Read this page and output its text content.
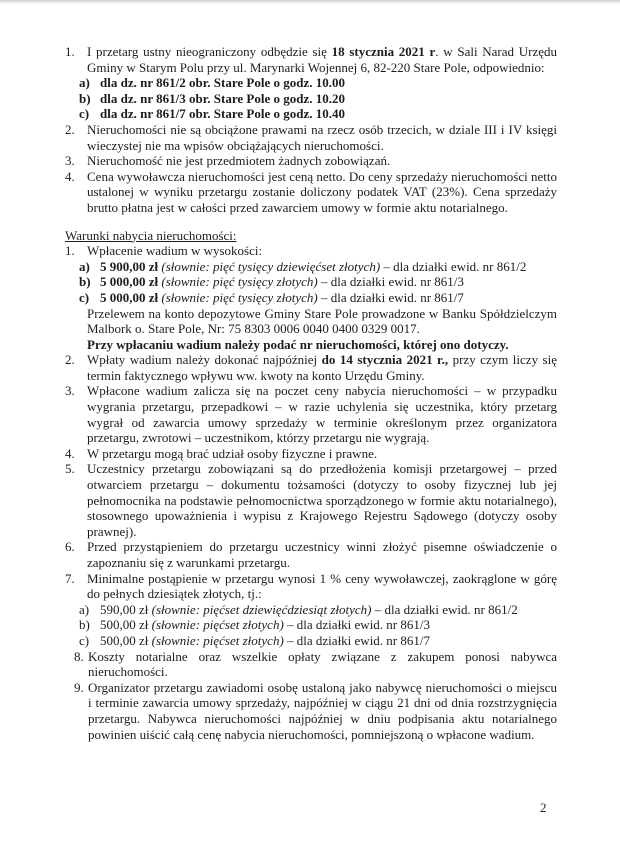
1. I przetarg ustny nieograniczony odbędzie się 18 stycznia 2021 r. w Sali Narad Urzędu Gminy w Starym Polu przy ul. Marynarki Wojennej 6, 82-220 Stare Pole, odpowiednio:
a) dla dz. nr 861/2 obr. Stare Pole o godz. 10.00
b) dla dz. nr 861/3 obr. Stare Pole o godz. 10.20
c) dla dz. nr 861/7 obr. Stare Pole o godz. 10.40
2. Nieruchomości nie są obciążone prawami na rzecz osób trzecich, w dziale III i IV księgi wieczystej nie ma wpisów obciążających nieruchomości.
3. Nieruchomość nie jest przedmiotem żadnych zobowiązań.
4. Cena wywoławcza nieruchomości jest ceną netto. Do ceny sprzedaży nieruchomości netto ustalonej w wyniku przetargu zostanie doliczony podatek VAT (23%). Cena sprzedaży brutto płatna jest w całości przed zawarciem umowy w formie aktu notarialnego.
Warunki nabycia nieruchomości:
1. Wpłacenie wadium w wysokości:
a) 5 900,00 zł (słownie: pięć tysięcy dziewięćset złotych) – dla działki ewid. nr 861/2
b) 5 000,00 zł (słownie: pięć tysięcy złotych) – dla działki ewid. nr 861/3
c) 5 000,00 zł (słownie: pięć tysięcy złotych) – dla działki ewid. nr 861/7
Przelewem na konto depozytowe Gminy Stare Pole prowadzone w Banku Spółdzielczym Malbork o. Stare Pole, Nr: 75 8303 0006 0040 0400 0329 0017.
Przy wpłacaniu wadium należy podać nr nieruchomości, której ono dotyczy.
2. Wpłaty wadium należy dokonać najpóźniej do 14 stycznia 2021 r., przy czym liczy się termin faktycznego wpływu ww. kwoty na konto Urzędu Gminy.
3. Wpłacone wadium zalicza się na poczet ceny nabycia nieruchomości – w przypadku wygrania przetargu, przepadkowi – w razie uchylenia się uczestnika, który przetarg wygrał od zawarcia umowy sprzedaży w terminie określonym przez organizatora przetargu, zwrotowi – uczestnikom, którzy przetargu nie wygrają.
4. W przetargu mogą brać udział osoby fizyczne i prawne.
5. Uczestnicy przetargu zobowiązani są do przedłożenia komisji przetargowej – przed otwarciem przetargu – dokumentu tożsamości (dotyczy to osoby fizycznej lub jej pełnomocnika na podstawie pełnomocnictwa sporządzonego w formie aktu notarialnego), stosownego upoważnienia i wypisu z Krajowego Rejestru Sądowego (dotyczy osoby prawnej).
6. Przed przystąpieniem do przetargu uczestnicy winni złożyć pisemne oświadczenie o zapoznaniu się z warunkami przetargu.
7. Minimalne postąpienie w przetargu wynosi 1 % ceny wywoławczej, zaokrąglone w górę do pełnych dziesiątek złotych, tj.:
a) 590,00 zł (słownie: pięćset dziewięćdziesiąt złotych) – dla działki ewid. nr 861/2
b) 500,00 zł (słownie: pięćset złotych) – dla działki ewid. nr 861/3
c) 500,00 zł (słownie: pięćset złotych) – dla działki ewid. nr 861/7
8. Koszty notarialne oraz wszelkie opłaty związane z zakupem ponosi nabywca nieruchomości.
9. Organizator przetargu zawiadomi osobę ustaloną jako nabywcę nieruchomości o miejscu i terminie zawarcia umowy sprzedaży, najpóźniej w ciągu 21 dni od dnia rozstrzygnięcia przetargu. Nabywca nieruchomości najpóźniej w dniu podpisania aktu notarialnego powinien uiścić całą cenę nabycia nieruchomości, pomniejszoną o wpłacone wadium.
2
